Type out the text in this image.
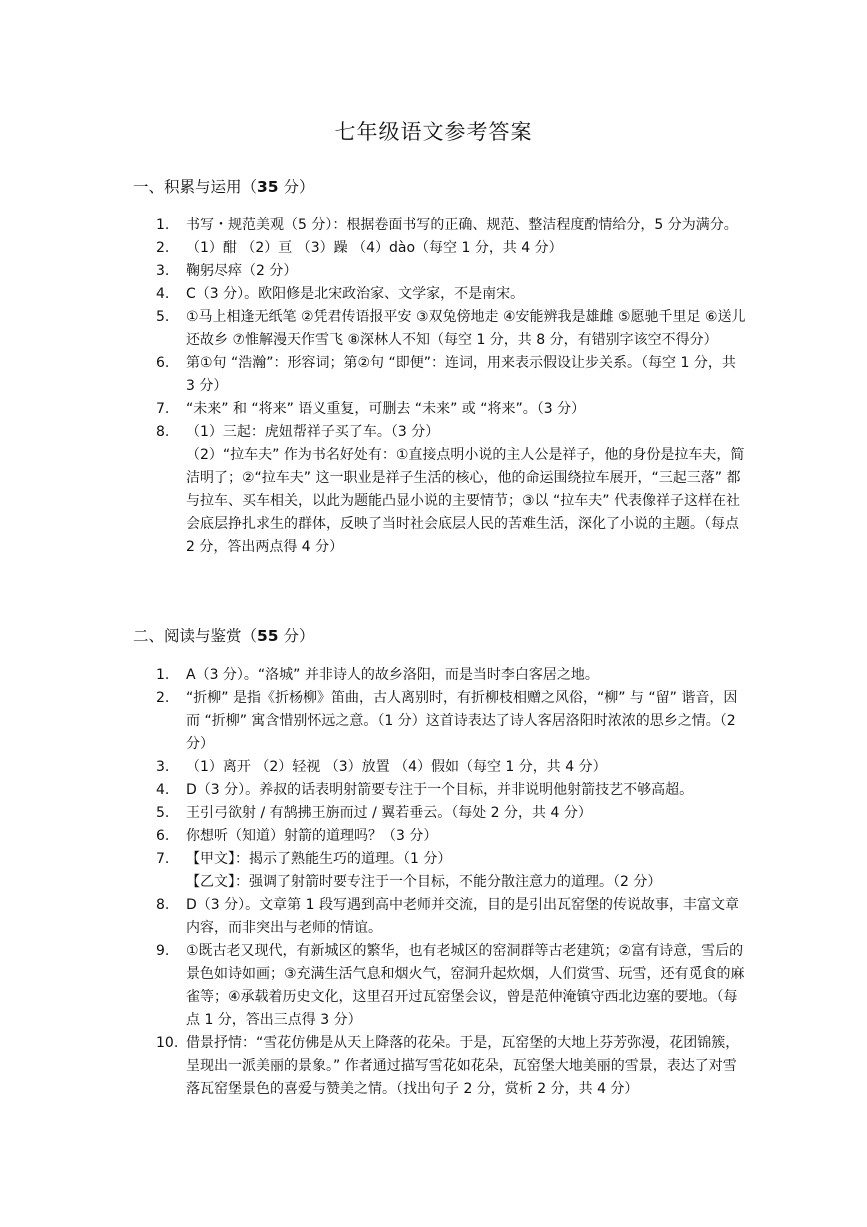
七年级语文参考答案
一、积累与运用（35 分）
1.	书写・规范美观（5 分）：根据卷面书写的正确、规范、整洁程度酌情给分，5 分为满分。

2.	（1）酣 （2）亘 （3）躁 （4）dào（每空 1 分，共 4 分）

3.	鞠躬尽瘁（2 分）

4.	C（3 分）。欧阳修是北宋政治家、文学家，不是南宋。

5.	①马上相逢无纸笔 ②凭君传语报平安 ③双兔傍地走 ④安能辨我是雄雌 ⑤愿驰千里足 ⑥送儿还故乡 ⑦惟解漫天作雪飞 ⑧深林人不知（每空 1 分，共 8 分，有错别字该空不得分）

6.	第①句 “浩瀚”：形容词；第②句 “即便”：连词，用来表示假设让步关系。（每空 1 分，共 3 分）

7.	“未来” 和 “将来” 语义重复，可删去 “未来” 或 “将来”。（3 分）

8.	（1）三起：虎妞帮祥子买了车。（3 分）

（2）“拉车夫” 作为书名好处有：①直接点明小说的主人公是祥子，他的身份是拉车夫，简洁明了；②“拉车夫” 这一职业是祥子生活的核心，他的命运围绕拉车展开，“三起三落” 都与拉车、买车相关，以此为题能凸显小说的主要情节；③以 “拉车夫” 代表像祥子这样在社会底层挣扎求生的群体，反映了当时社会底层人民的苦难生活，深化了小说的主题。（每点 2 分，答出两点得 4 分）

二、阅读与鉴赏（55 分）
1.	A（3 分）。“洛城” 并非诗人的故乡洛阳，而是当时李白客居之地。

2.	“折柳” 是指《折杨柳》笛曲，古人离别时，有折柳枝相赠之风俗，“柳” 与 “留” 谐音，因而 “折柳” 寓含惜别怀远之意。（1 分）这首诗表达了诗人客居洛阳时浓浓的思乡之情。（2 分）

3.	（1）离开 （2）轻视 （3）放置 （4）假如（每空 1 分，共 4 分）

4.	D（3 分）。养叔的话表明射箭要专注于一个目标，并非说明他射箭技艺不够高超。

5.	王引弓欲射 / 有鹄拂王旃而过 / 翼若垂云。（每处 2 分，共 4 分）

6.	你想听（知道）射箭的道理吗？（3 分）

7.	【甲文】：揭示了熟能生巧的道理。（1 分）

【乙文】：强调了射箭时要专注于一个目标，不能分散注意力的道理。（2 分）

8.	D（3 分）。文章第 1 段写遇到高中老师并交流，目的是引出瓦窑堡的传说故事，丰富文章内容，而非突出与老师的情谊。

9.	①既古老又现代，有新城区的繁华，也有老城区的窑洞群等古老建筑；②富有诗意，雪后的景色如诗如画；③充满生活气息和烟火气，窑洞升起炊烟，人们赏雪、玩雪，还有觅食的麻雀等；④承载着历史文化，这里召开过瓦窑堡会议，曾是范仲淹镇守西北边塞的要地。（每点 1 分，答出三点得 3 分）

10. 借景抒情：“雪花仿佛是从天上降落的花朵。于是，瓦窑堡的大地上芬芳弥漫，花团锦簇，呈现出一派美丽的景象。” 作者通过描写雪花如花朵，瓦窑堡大地美丽的雪景，表达了对雪落瓦窑堡景色的喜爱与赞美之情。（找出句子 2 分，赏析 2 分，共 4 分）
